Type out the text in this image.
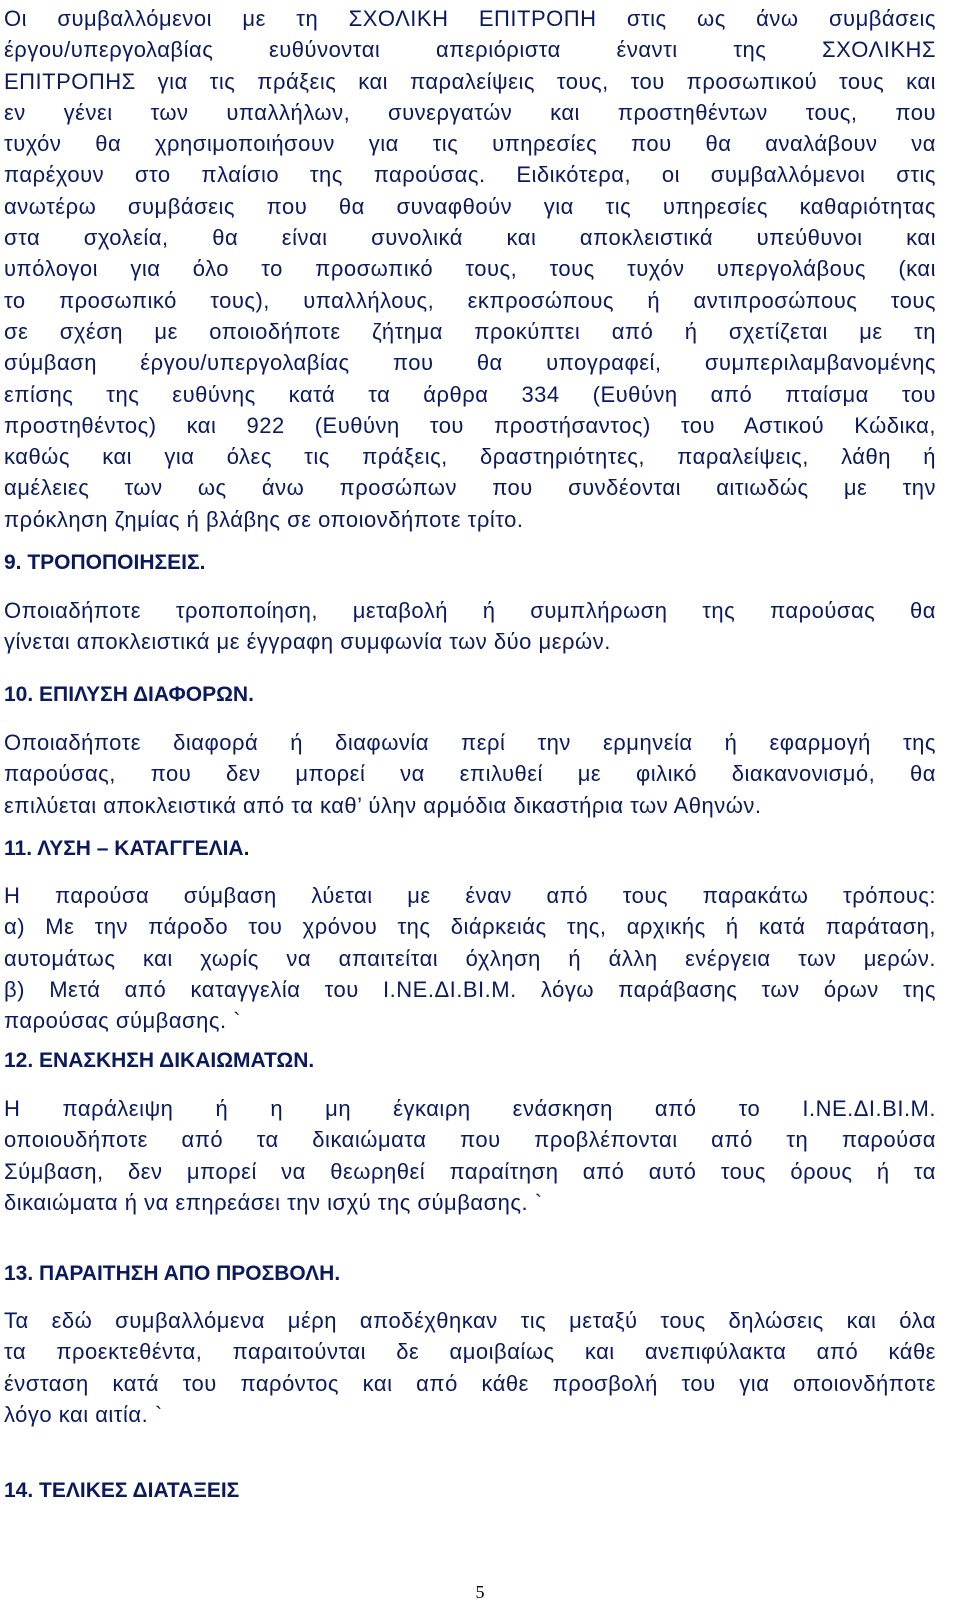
Οι συμβαλλόμενοι με τη ΣΧΟΛΙΚΗ ΕΠΙΤΡΟΠΗ στις ως άνω συμβάσεις
έργου/υπεργολαβίας ευθύνονται απεριόριστα έναντι της ΣΧΟΛΙΚΗΣ
ΕΠΙΤΡΟΠΗΣ για τις πράξεις και παραλείψεις τους, του προσωπικού τους και
εν γένει των υπαλλήλων, συνεργατών και προστηθέντων τους, που
τυχόν θα χρησιμοποιήσουν για τις υπηρεσίες που θα αναλάβουν να
παρέχουν στο πλαίσιο της παρούσας. Ειδικότερα, οι συμβαλλόμενοι στις
ανωτέρω συμβάσεις που θα συναφθούν για τις υπηρεσίες καθαριότητας
στα σχολεία, θα είναι συνολικά και αποκλειστικά υπεύθυνοι και
υπόλογοι για όλο το προσωπικό τους, τους τυχόν υπεργολάβους (και
το προσωπικό τους), υπαλλήλους, εκπροσώπους ή αντιπροσώπους τους
σε σχέση με οποιοδήποτε ζήτημα προκύπτει από ή σχετίζεται με τη
σύμβαση έργου/υπεργολαβίας που θα υπογραφεί, συμπεριλαμβανομένης
επίσης της ευθύνης κατά τα άρθρα 334 (Ευθύνη από πταίσμα του
προστηθέντος) και 922 (Ευθύνη του προστήσαντος) του Αστικού Κώδικα,
καθώς και για όλες τις πράξεις, δραστηριότητες, παραλείψεις, λάθη ή
αμέλειες των ως άνω προσώπων που συνδέονται αιτιωδώς με την
πρόκληση ζημίας ή βλάβης σε οποιονδήποτε τρίτο.
9. ΤΡΟΠΟΠΟΙΗΣΕΙΣ.
Οποιαδήποτε τροποποίηση, μεταβολή ή συμπλήρωση της παρούσας θα
γίνεται αποκλειστικά με έγγραφη συμφωνία των δύο μερών.
10. ΕΠΙΛΥΣΗ ΔΙΑΦΟΡΩΝ.
Οποιαδήποτε διαφορά ή διαφωνία περί την ερμηνεία ή εφαρμογή της
παρούσας, που δεν μπορεί να επιλυθεί με φιλικό διακανονισμό, θα
επιλύεται αποκλειστικά από τα καθ’ ύλην αρμόδια δικαστήρια των Αθηνών.
11. ΛΥΣΗ – ΚΑΤΑΓΓΕΛΙΑ.
Η παρούσα σύμβαση λύεται με έναν από τους παρακάτω τρόπους:
α) Με την πάροδο του χρόνου της διάρκειάς της, αρχικής ή κατά παράταση,
αυτομάτως και χωρίς να απαιτείται όχληση ή άλλη ενέργεια των μερών.
β) Μετά από καταγγελία του Ι.ΝΕ.ΔΙ.ΒΙ.Μ. λόγω παράβασης των όρων της
παρούσας σύμβασης. `
12. ΕΝΑΣΚΗΣΗ ΔΙΚΑΙΩΜΑΤΩΝ.
Η παράλειψη ή η μη έγκαιρη ενάσκηση από το Ι.ΝΕ.ΔΙ.ΒΙ.Μ.
οποιουδήποτε από τα δικαιώματα που προβλέπονται από τη παρούσα
Σύμβαση, δεν μπορεί να θεωρηθεί παραίτηση από αυτό τους όρους ή τα
δικαιώματα ή να επηρεάσει την ισχύ της σύμβασης. `
13. ΠΑΡΑΙΤΗΣΗ ΑΠΟ ΠΡΟΣΒΟΛΗ.
Τα εδώ συμβαλλόμενα μέρη αποδέχθηκαν τις μεταξύ τους δηλώσεις και όλα
τα προεκτεθέντα, παραιτούνται δε αμοιβαίως και ανεπιφύλακτα από κάθε
ένσταση κατά του παρόντος και από κάθε προσβολή του για οποιονδήποτε
λόγο και αιτία. `
14. ΤΕΛΙΚΕΣ ΔΙΑΤΑΞΕΙΣ
5
